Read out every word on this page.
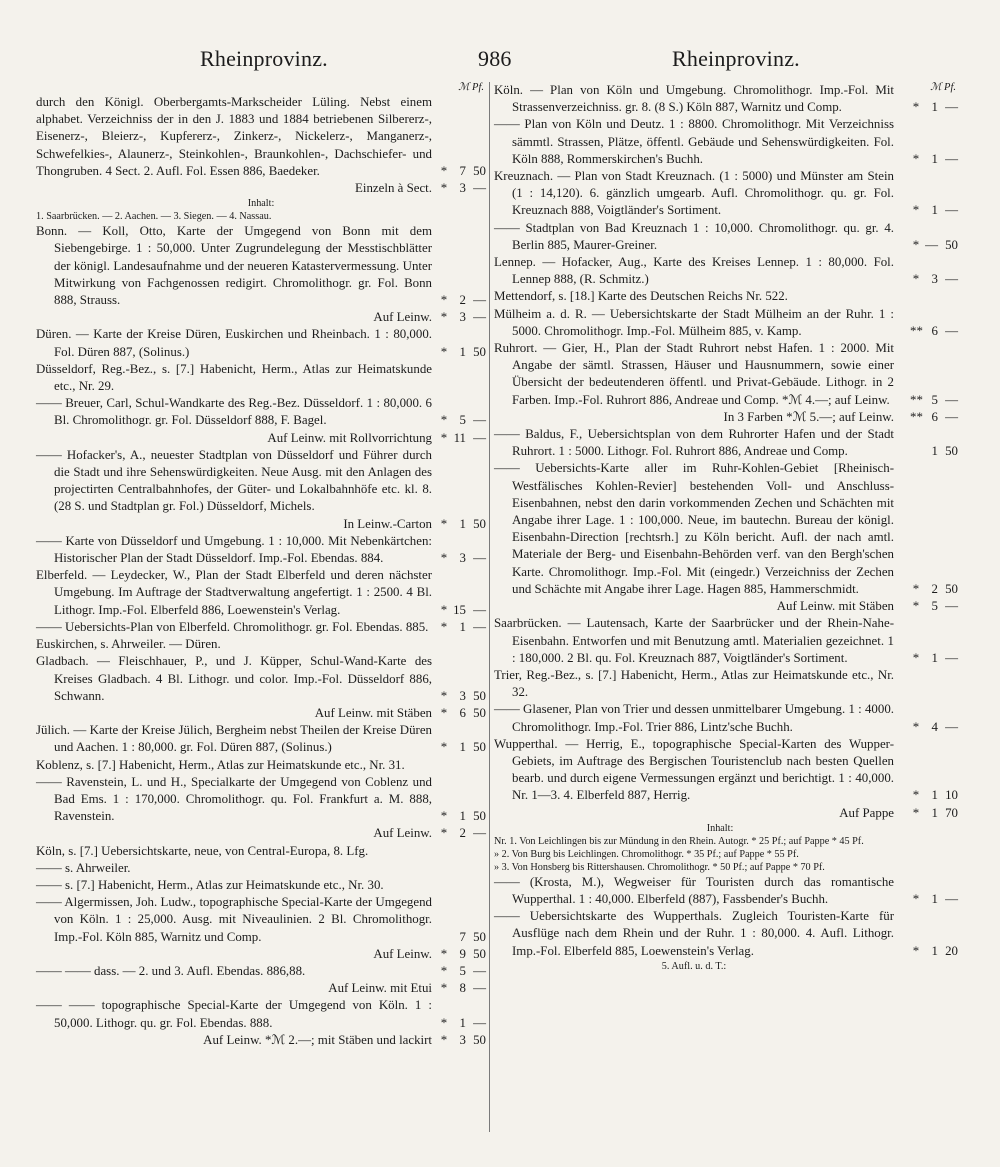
Rheinprovinz.	986	Rheinprovinz.
ℳ Pf.
durch den Königl. Oberbergamts-Markscheider Lüling. Nebst einem alphabet. Verzeichniss der in den J. 1883 und 1884 betriebenen Silbererz-, Eisenerz-, Bleierz-, Kupfererz-, Zinkerz-, Nickelerz-, Manganerz-, Schwefelkies-, Alaunerz-, Steinkohlen-, Braunkohlen-, Dachschiefer- und Thongruben. 4 Sect. 2. Aufl. Fol. Essen 886, Baedeker.	* 7 50
Einzeln à Sect. * 3 —
Inhalt:
1. Saarbrücken. — 2. Aachen. — 3. Siegen. — 4. Nassau.
Bonn. — Koll, Otto, Karte der Umgegend von Bonn mit dem Siebengebirge. 1 : 50,000. Unter Zugrundelegung der Messtischblätter der königl. Landesaufnahme und der neueren Katastervermessung. Unter Mitwirkung von Fachgenossen redigirt. Chromolithogr. gr. Fol. Bonn 888, Strauss.	* 2 —
Auf Leinw. * 3 —
Düren. — Karte der Kreise Düren, Euskirchen und Rheinbach. 1 : 80,000. Fol. Düren 887, (Solinus.)	* 1 50
Düsseldorf, Reg.-Bez., s. [7.] Habenicht, Herm., Atlas zur Heimatskunde etc., Nr. 29.
—— Breuer, Carl, Schul-Wandkarte des Reg.-Bez. Düsseldorf. 1 : 80,000. 6 Bl. Chromolithogr. gr. Fol. Düsseldorf 888, F. Bagel.	* 5 —
Auf Leinw. mit Rollvorrichtung * 11 —
—— Hofacker's, A., neuester Stadtplan von Düsseldorf und Führer durch die Stadt und ihre Sehenswürdigkeiten. Neue Ausg. mit den Anlagen des projectirten Centralbahnhofes, der Güter- und Lokalbahnhöfe etc. kl. 8. (28 S. und Stadtplan gr. Fol.) Düsseldorf, Michels.
In Leinw.-Carton * 1 50
—— Karte von Düsseldorf und Umgebung. 1 : 10,000. Mit Nebenkärtchen: Historischer Plan der Stadt Düsseldorf. Imp.-Fol. Ebendas. 884.	* 3 —
Elberfeld. — Leydecker, W., Plan der Stadt Elberfeld und deren nächster Umgebung. Im Auftrage der Stadtverwaltung angefertigt. 1 : 2500. 4 Bl. Lithogr. Imp.-Fol. Elberfeld 886, Loewenstein's Verlag.	* 15 —
—— Uebersichts-Plan von Elberfeld. Chromolithogr. gr. Fol. Ebendas. 885. * 1 —
Euskirchen, s. Ahrweiler. — Düren.
Gladbach. — Fleischhauer, P., und J. Küpper, Schul-Wand-Karte des Kreises Gladbach. 4 Bl. Lithogr. und color. Imp.-Fol. Düsseldorf 886, Schwann.	* 3 50
Auf Leinw. mit Stäben * 6 50
Jülich. — Karte der Kreise Jülich, Bergheim nebst Theilen der Kreise Düren und Aachen. 1 : 80,000. gr. Fol. Düren 887, (Solinus.)	* 1 50
Koblenz, s. [7.] Habenicht, Herm., Atlas zur Heimatskunde etc., Nr. 31.
—— Ravenstein, L. und H., Specialkarte der Umgegend von Coblenz und Bad Ems. 1 : 170,000. Chromolithogr. qu. Fol. Frankfurt a. M. 888, Ravenstein.	* 1 50
Auf Leinw. * 2 —
Köln, s. [7.] Uebersichtskarte, neue, von Central-Europa, 8. Lfg.
—— s. Ahrweiler.
—— s. [7.] Habenicht, Herm., Atlas zur Heimatskunde etc., Nr. 30.
—— Algermissen, Joh. Ludw., topographische Special-Karte der Umgegend von Köln. 1 : 25,000. Ausg. mit Niveaulinien. 2 Bl. Chromolithogr. Imp.-Fol. Köln 885, Warnitz und Comp.	7 50
Auf Leinw. * 9 50
—— —— dass. — 2. und 3. Aufl. Ebendas. 886,88.	* 5 —
Auf Leinw. mit Etui * 8 —
—— —— topographische Special-Karte der Umgegend von Köln. 1 : 50,000. Lithogr. qu. gr. Fol. Ebendas. 888.	* 1 —
Auf Leinw. *ℳ 2.—; mit Stäben und lackirt * 3 50
ℳ Pf.
Köln. — Plan von Köln und Umgebung. Chromolithogr. Imp.-Fol. Mit Strassenverzeichniss. gr. 8. (8 S.) Köln 887, Warnitz und Comp.	* 1 —
—— Plan von Köln und Deutz. 1 : 8800. Chromolithogr. Mit Verzeichniss sämmtl. Strassen, Plätze, öffentl. Gebäude und Sehenswürdigkeiten. Fol. Köln 888, Rommerskirchen's Buchh.	* 1 —
Kreuznach. — Plan von Stadt Kreuznach. (1 : 5000) und Münster am Stein (1 : 14,120). 6. gänzlich umgearb. Aufl. Chromolithogr. qu. gr. Fol. Kreuznach 888, Voigtländer's Sortiment.	* 1 —
—— Stadtplan von Bad Kreuznach 1 : 10,000. Chromolithogr. qu. gr. 4. Berlin 885, Maurer-Greiner.	* — 50
Lennep. — Hofacker, Aug., Karte des Kreises Lennep. 1 : 80,000. Fol. Lennep 888, (R. Schmitz.)	* 3 —
Mettendorf, s. [18.] Karte des Deutschen Reichs Nr. 522.
Mülheim a. d. R. — Uebersichtskarte der Stadt Mülheim an der Ruhr. 1 : 5000. Chromolithogr. Imp.-Fol. Mülheim 885, v. Kamp.	** 6 —
Ruhrort. — Gier, H., Plan der Stadt Ruhrort nebst Hafen. 1 : 2000. Mit Angabe der sämtl. Strassen, Häuser und Hausnummern, sowie einer Übersicht der bedeutenderen öffentl. und Privat-Gebäude. Lithogr. in 2 Farben. Imp.-Fol. Ruhrort 886, Andreae und Comp. *ℳ 4.—; auf Leinw.	** 5 —
In 3 Farben *ℳ 5.—; auf Leinw. ** 6 —
—— Baldus, F., Uebersichtsplan von dem Ruhrorter Hafen und der Stadt Ruhrort. 1 : 5000. Lithogr. Fol. Ruhrort 886, Andreae und Comp.	1 50
—— Uebersichts-Karte aller im Ruhr-Kohlen-Gebiet [Rheinisch-Westfälisches Kohlen-Revier] bestehenden Voll- und Anschluss-Eisenbahnen, nebst den darin vorkommenden Zechen und Schächten mit Angabe ihrer Lage. 1 : 100,000. Neue, im bautechn. Bureau der königl. Eisenbahn-Direction [rechtsrh.] zu Köln bericht. Aufl. der nach amtl. Materiale der Berg- und Eisenbahn-Behörden verf. van den Bergh'schen Karte. Chromolithogr. Imp.-Fol. Mit (eingedr.) Verzeichniss der Zechen und Schächte mit Angabe ihrer Lage. Hagen 885, Hammerschmidt.	* 2 50
Auf Leinw. mit Stäben * 5 —
Saarbrücken. — Lautensach, Karte der Saarbrücker und der Rhein-Nahe-Eisenbahn. Entworfen und mit Benutzung amtl. Materialien gezeichnet. 1 : 180,000. 2 Bl. qu. Fol. Kreuznach 887, Voigtländer's Sortiment.	* 1 —
Trier, Reg.-Bez., s. [7.] Habenicht, Herm., Atlas zur Heimatskunde etc., Nr. 32.
—— Glasener, Plan von Trier und dessen unmittelbarer Umgebung. 1 : 4000. Chromolithogr. Imp.-Fol. Trier 886, Lintz'sche Buchh.	* 4 —
Wupperthal. — Herrig, E., topographische Special-Karten des Wupper-Gebiets, im Auftrage des Bergischen Touristenclub nach besten Quellen bearb. und durch eigene Vermessungen ergänzt und berichtigt. 1 : 40,000. Nr. 1—3. 4. Elberfeld 887, Herrig.	* 1 10
Auf Pappe * 1 70
Inhalt:
Nr. 1. Von Leichlingen bis zur Mündung in den Rhein. Autogr. * 25 Pf.; auf Pappe * 45 Pf.
» 2. Von Burg bis Leichlingen. Chromolithogr. * 35 Pf.; auf Pappe * 55 Pf.
» 3. Von Honsberg bis Rittershausen. Chromolithogr. * 50 Pf.; auf Pappe * 70 Pf.
—— (Krosta, M.), Wegweiser für Touristen durch das romantische Wupperthal. 1 : 40,000. Elberfeld (887), Fassbender's Buchh.	* 1 —
—— Uebersichtskarte des Wupperthals. Zugleich Touristen-Karte für Ausflüge nach dem Rhein und der Ruhr. 1 : 80,000. 4. Aufl. Lithogr. Imp.-Fol. Elberfeld 885, Loewenstein's Verlag.	* 1 20
5. Aufl. u. d. T.:
